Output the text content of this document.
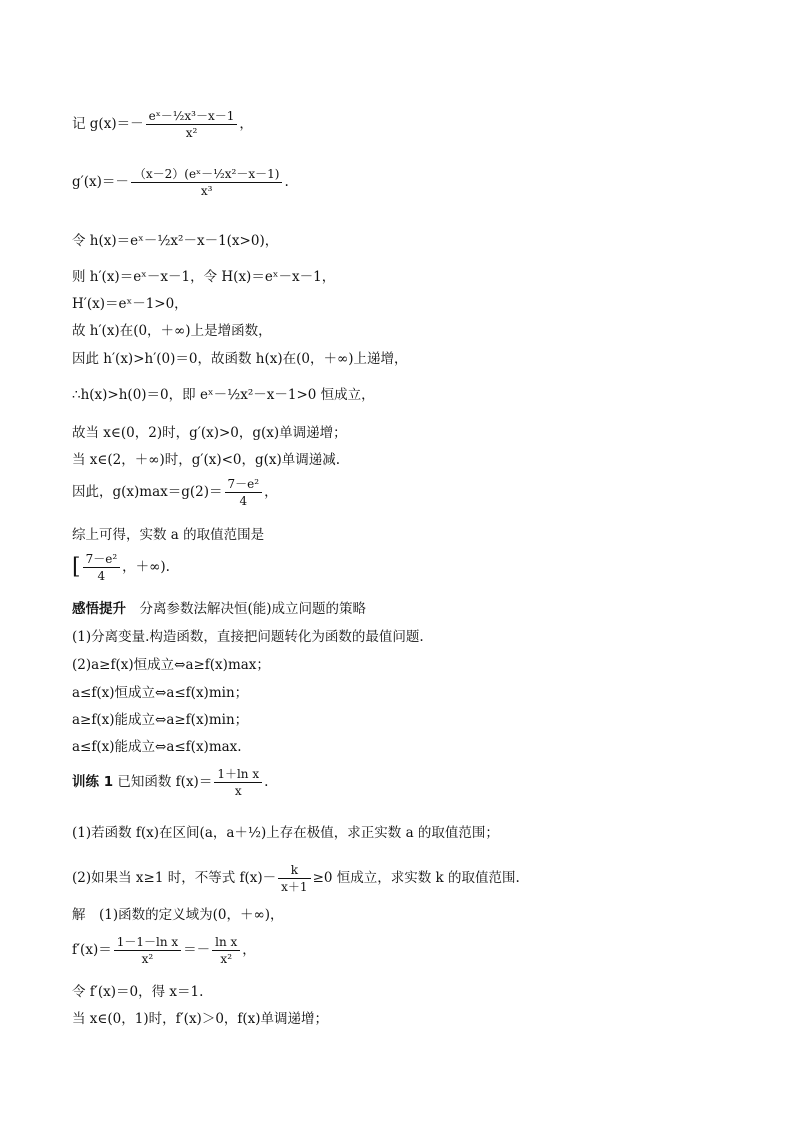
记 $g(x)=- \frac{\text{eˣ－½x³－x－1}}{\text{x²}}$ ，
$g'(x)=- \frac{\text{（x－2）(eˣ－½x²－x－1)}}{\text{x³}}$ .
令 h(x)＝eˣ－½x²－x－1(x>0)，
则 h′(x)＝eˣ－x－1，令 H(x)＝eˣ－x－1，
H′(x)＝eˣ－1>0，
故 h′(x)在(0，＋∞)上是增函数，
因此 h′(x)>h′(0)＝0，故函数 h(x)在(0，＋∞)上递增，
∴h(x)>h(0)＝0，即 eˣ－½x²－x－1>0 恒成立，
故当 x∈(0，2)时，g′(x)>0，g(x)单调递增；
当 x∈(2，＋∞)时，g′(x)<0，g(x)单调递减.
因此，$g(x)\max=g(2)= \frac{\text{7－e²}}{4}$ ，
综上可得，实数 a 的取值范围是
[ $\frac{\text{7－e²}}{4}$ ，＋∞).
感悟提升　分离参数法解决恒(能)成立问题的策略
(1)分离变量.构造函数，直接把问题转化为函数的最值问题.
(2)a≥f(x)恒成立⇔a≥f(x)max；
a≤f(x)恒成立⇔a≤f(x)min；
a≥f(x)能成立⇔a≥f(x)min；
a≤f(x)能成立⇔a≤f(x)max.
训练 1 已知函数 $f(x)= \frac{\text{1＋ln x}}{x}$ .
(1)若函数 f(x)在区间(a，a＋½)上存在极值，求正实数 a 的取值范围；
(2)如果当 x≥1 时，不等式 $f(x)- \frac{k}{x+1} \ge 0$ 恒成立，求实数 k 的取值范围.
解　(1)函数的定义域为(0，＋∞)，
$f'(x)= \frac{\text{1－1－ln x}}{\text{x²}} =- \frac{\text{ln x}}{\text{x²}}$ ，
令 f′(x)＝0，得 x＝1.
当 x∈(0，1)时，f′(x)＞0，f(x)单调递增；
